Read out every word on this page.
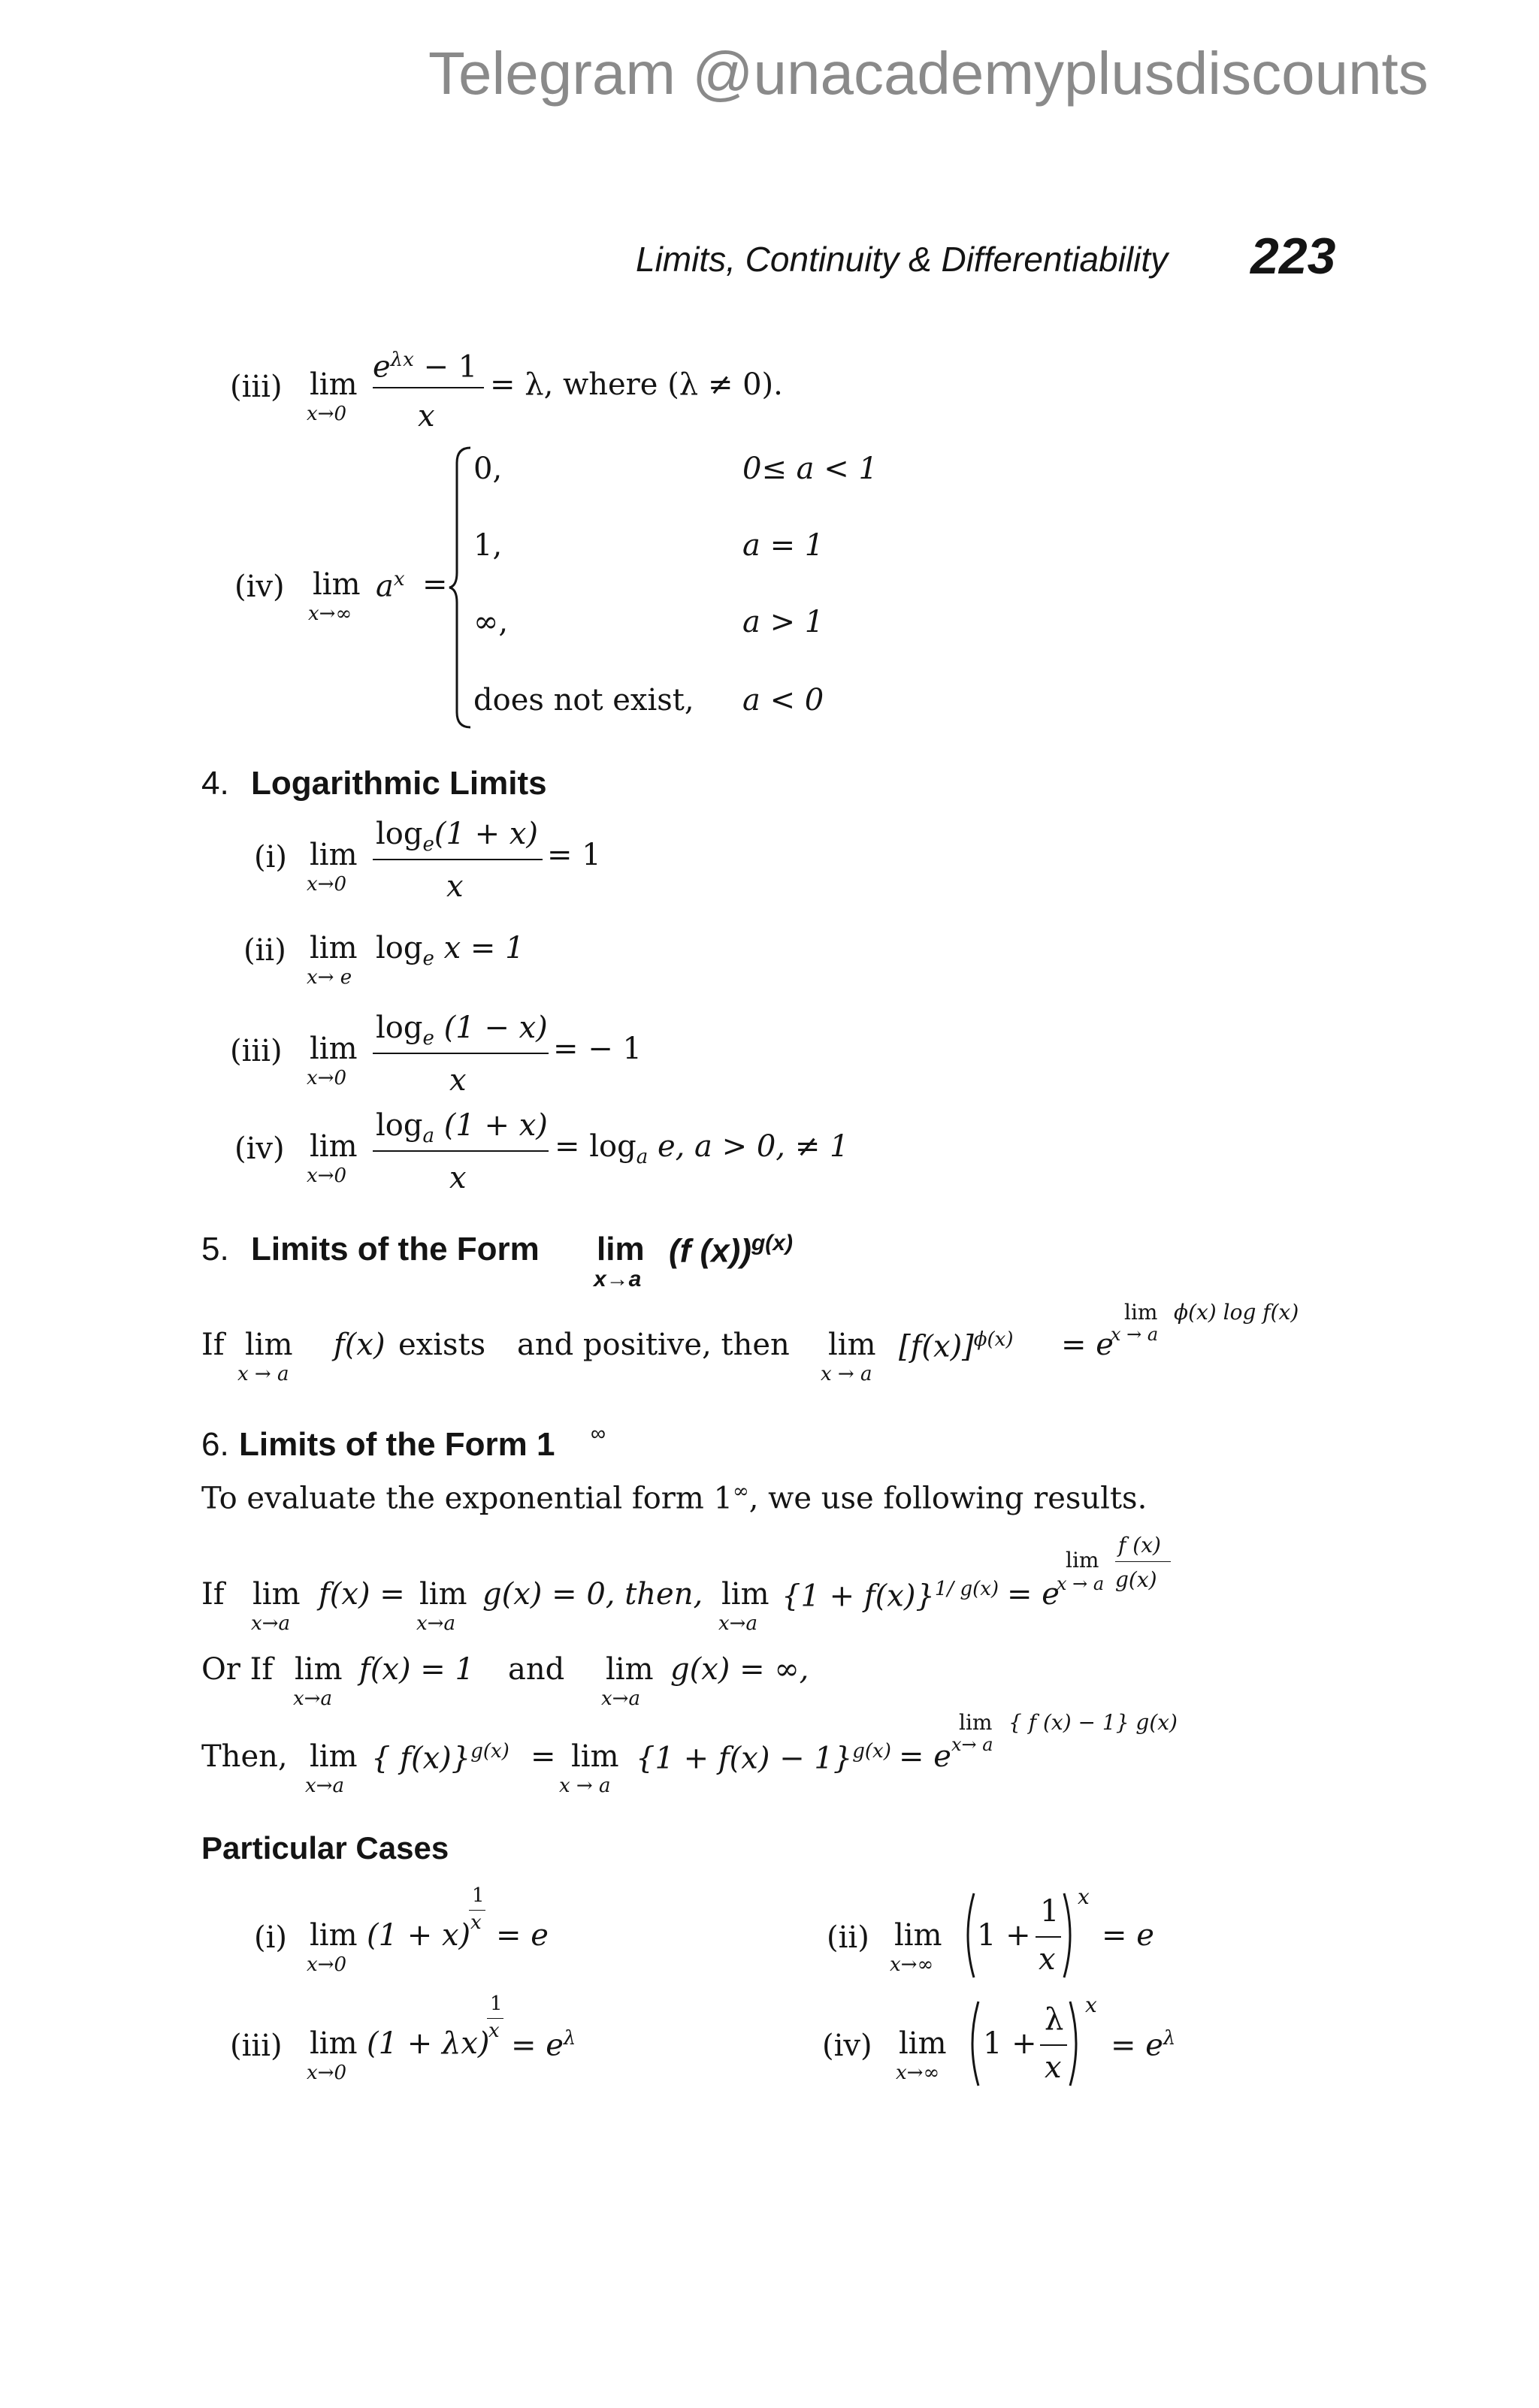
Telegram @unacademyplusdiscounts
Limits, Continuity & Differentiability 223
(iii) lim
x→0
$e^{\lambda x} - 1$
x
= λ, where (λ ≠ 0).
(iv) lim
x→∞
$a^x$ =
0,	0≤ a < 1
1,	a = 1
∞,	a > 1
does not exist, a < 0
4. Logarithmic Limits
(i) lim
x→0
$\log_e(1 + x)$
x
= 1
(ii) lim
x→ e
$\log_e x = 1$
(iii) lim
x→0
$\log_e (1 - x)$
x
= − 1
(iv) lim
x→0
$\log_a (1 + x)$
x
= $\log_a e$, a > 0, ≠ 1
5. Limits of the Form lim
x→a
(f (x))$^{g(x)}$
If lim
x → a
f(x) exists and positive, then lim
x → a
$[f(x)]^{\phi(x)} = e$
lim ϕ(x) log f(x)
x → a
6. Limits of the Form 1 ∞
To evaluate the exponential form 1∞, we use following results.
If lim
x→a
f(x) = lim
x→a
g(x) = 0, then, lim
x→a
$\{1 + f(x)\}^{1/ g(x)} = e$
lim
x → a
f (x)
g(x)
Or If lim
x→a
f(x) = 1 and lim
x→a
g(x) = ∞,
Then, lim
x→a
{ f(x)}$^{g(x)}$ = lim
x → a
$\{1 + f(x) - 1\}^{g(x)} = e$
lim { f (x) − 1} g(x)
x→ a
Particular Cases
(i) lim
x→0
(1 + x)
1
x = e	(ii) lim
x→∞
1 +
1
x
x
= e
(iii) lim
x→0
(1 + λx)
1
$x = e^\lambda$	(iv) lim
x→∞
1 +
λ
x
x
= $e^\lambda$
